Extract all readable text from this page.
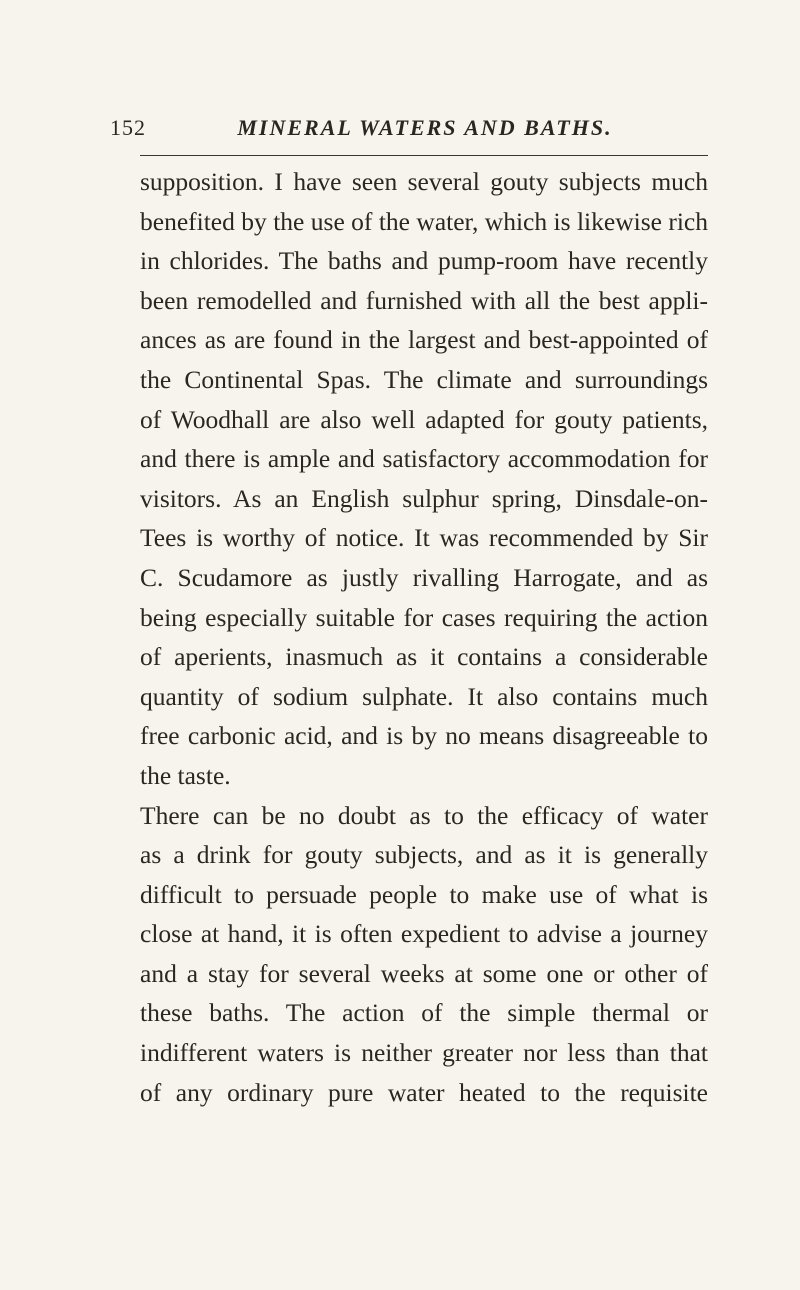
152	MINERAL WATERS AND BATHS.

supposition. I have seen several gouty subjects much
benefited by the use of the water, which is likewise rich
in chlorides. The baths and pump-room have recently
been remodelled and furnished with all the best appli-
ances as are found in the largest and best-appointed of
the Continental Spas. The climate and surroundings
of Woodhall are also well adapted for gouty patients,
and there is ample and satisfactory accommodation for
visitors. As an English sulphur spring, Dinsdale-on-
Tees is worthy of notice. It was recommended by Sir
C. Scudamore as justly rivalling Harrogate, and as
being especially suitable for cases requiring the action
of aperients, inasmuch as it contains a considerable
quantity of sodium sulphate. It also contains much
free carbonic acid, and is by no means disagreeable to
the taste.

There can be no doubt as to the efficacy of water
as a drink for gouty subjects, and as it is generally
difficult to persuade people to make use of what is
close at hand, it is often expedient to advise a journey
and a stay for several weeks at some one or other of
these baths. The action of the simple thermal or
indifferent waters is neither greater nor less than that
of any ordinary pure water heated to the requisite
